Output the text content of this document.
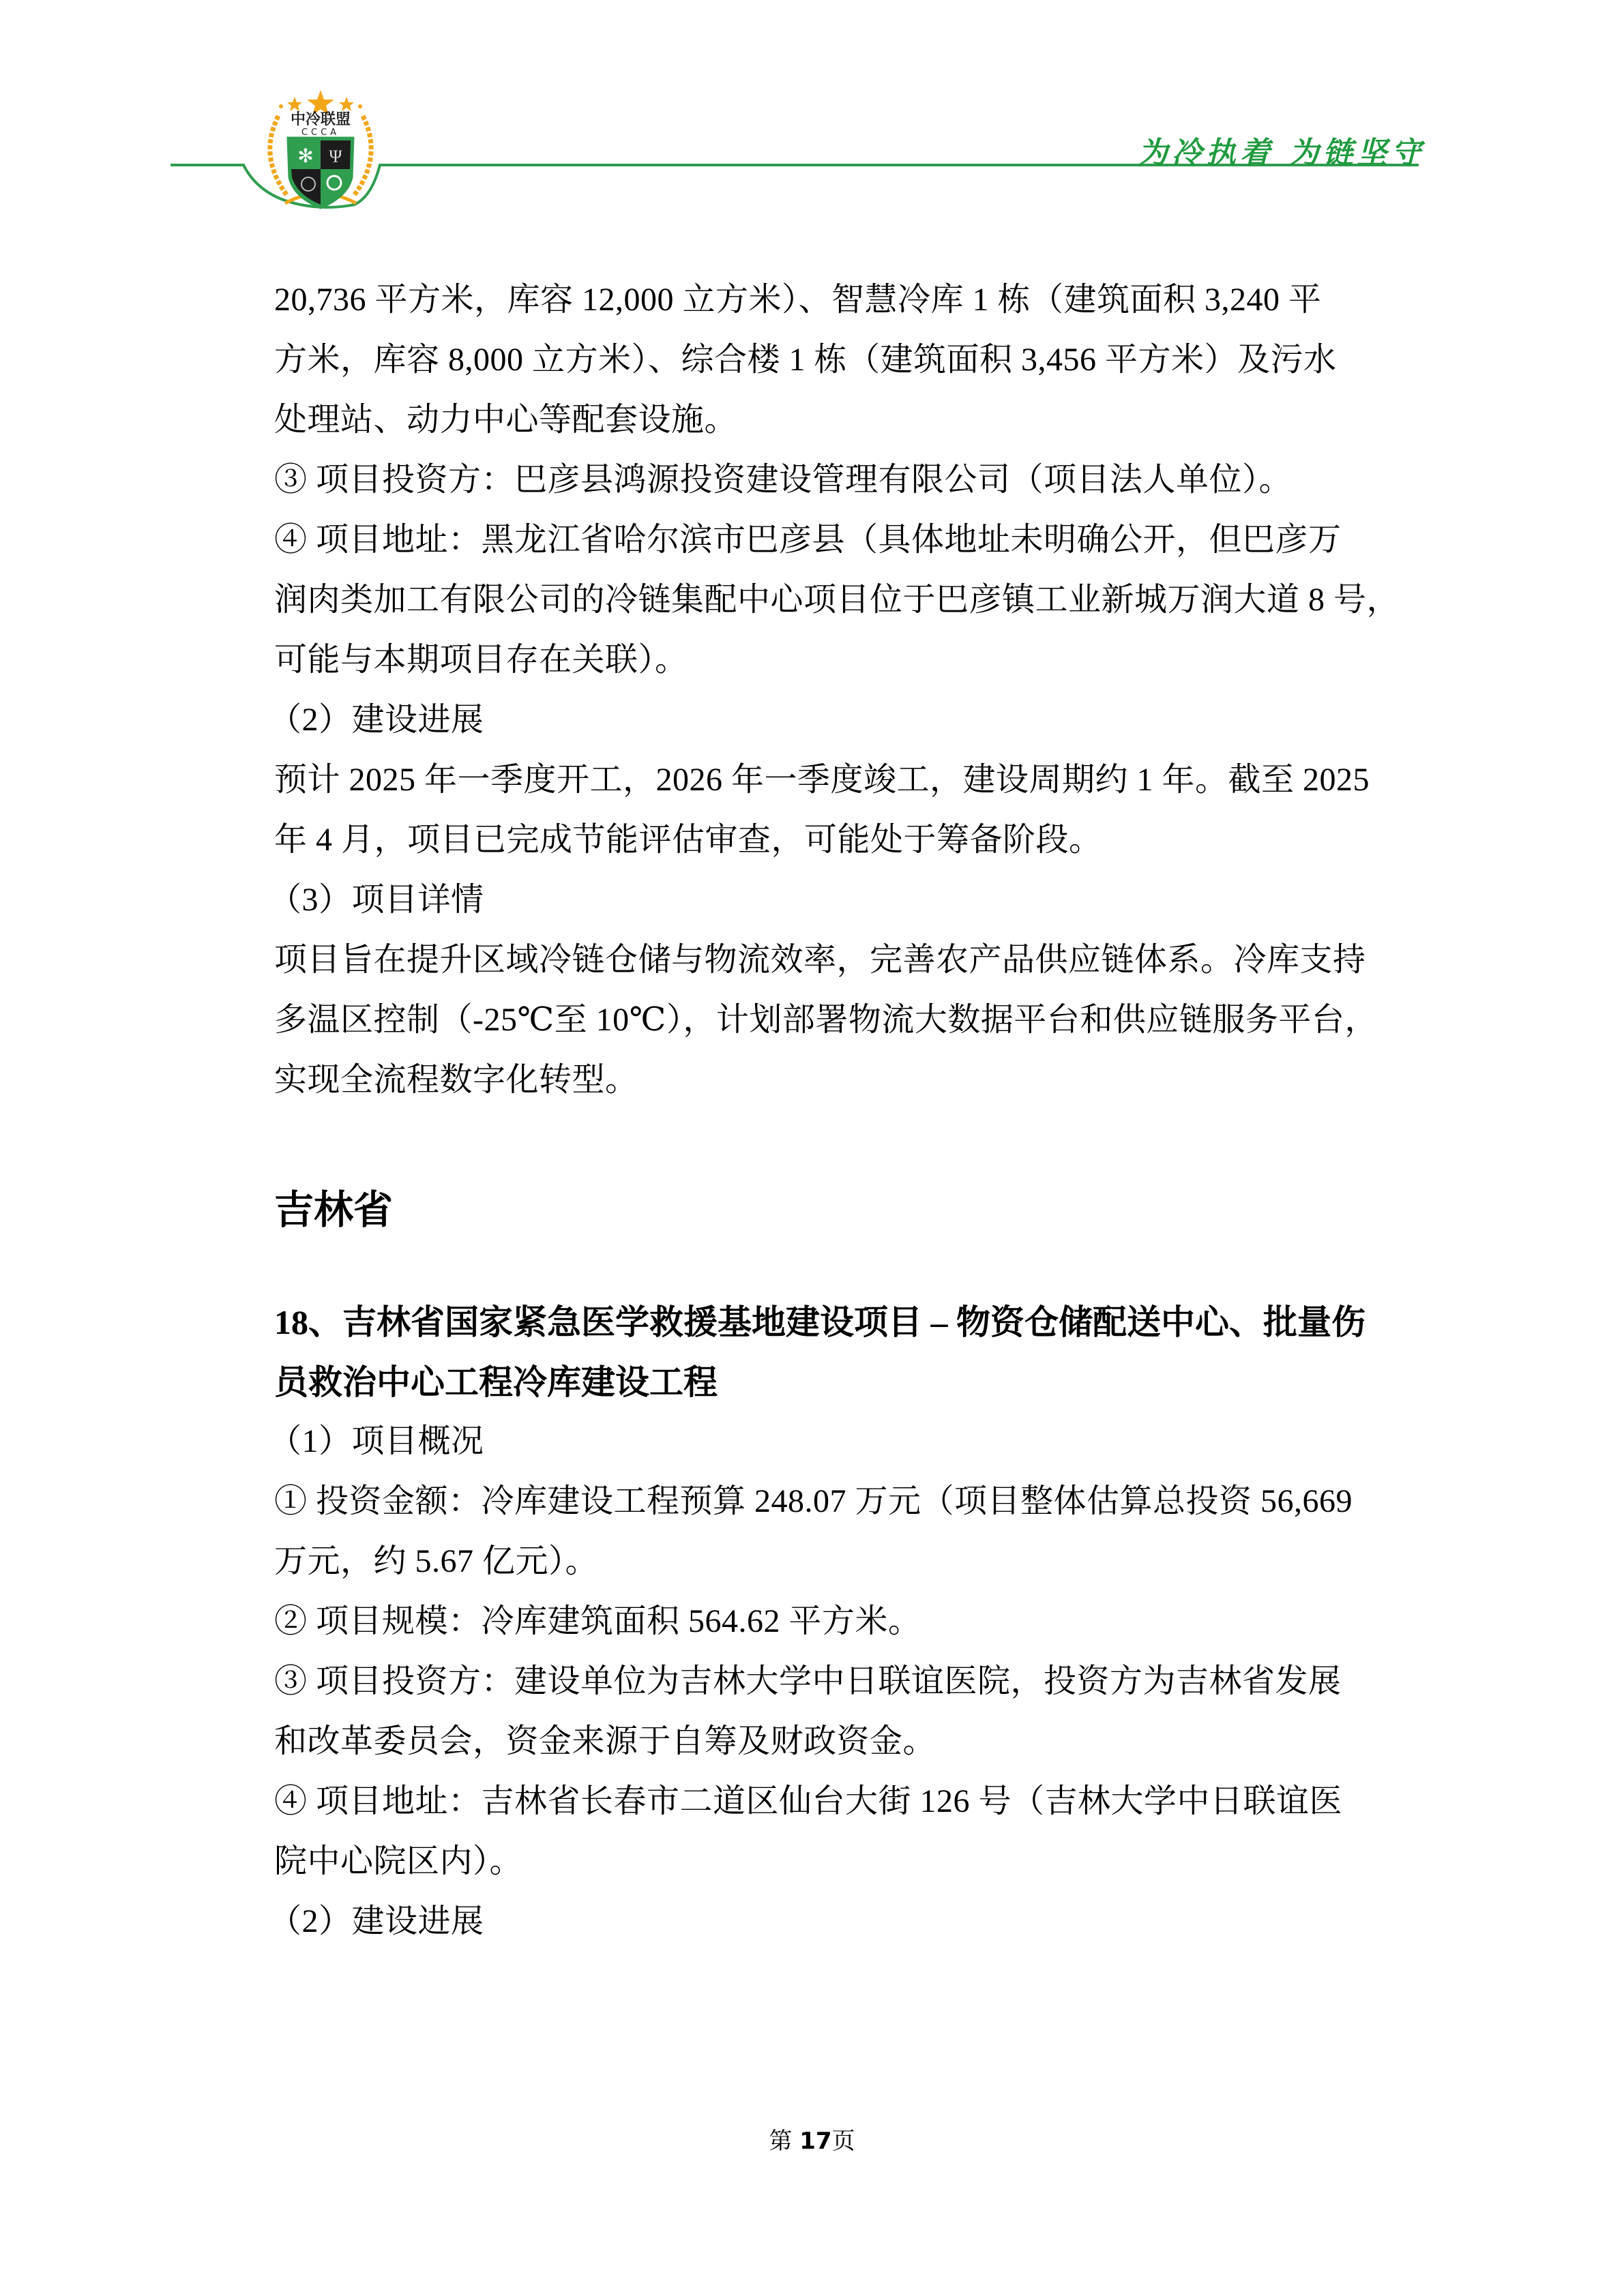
中冷联盟
CCCA
✻ Ψ	为冷执着 为链坚守
20,736 平方米，库容 12,000 立方米）、智慧冷库 1 栋（建筑面积 3,240 平
方米，库容 8,000 立方米）、综合楼 1 栋（建筑面积 3,456 平方米）及污水
处理站、动力中心等配套设施。
③ 项目投资方：巴彦县鸿源投资建设管理有限公司（项目法人单位）。
④ 项目地址：黑龙江省哈尔滨市巴彦县（具体地址未明确公开，但巴彦万
润肉类加工有限公司的冷链集配中心项目位于巴彦镇工业新城万润大道 8 号，
可能与本期项目存在关联）。
（2）建设进展
预计 2025 年一季度开工，2026 年一季度竣工，建设周期约 1 年。截至 2025
年 4 月，项目已完成节能评估审查，可能处于筹备阶段。
（3）项目详情
项目旨在提升区域冷链仓储与物流效率，完善农产品供应链体系。冷库支持
多温区控制（-25℃至 10℃），计划部署物流大数据平台和供应链服务平台，
实现全流程数字化转型。
吉林省
18、吉林省国家紧急医学救援基地建设项目 – 物资仓储配送中心、批量伤
员救治中心工程冷库建设工程
（1）项目概况
① 投资金额：冷库建设工程预算 248.07 万元（项目整体估算总投资 56,669
万元，约 5.67 亿元）。
② 项目规模：冷库建筑面积 564.62 平方米。
③ 项目投资方：建设单位为吉林大学中日联谊医院，投资方为吉林省发展
和改革委员会，资金来源于自筹及财政资金。
④ 项目地址：吉林省长春市二道区仙台大街 126 号（吉林大学中日联谊医
院中心院区内）。
（2）建设进展
第 17页
